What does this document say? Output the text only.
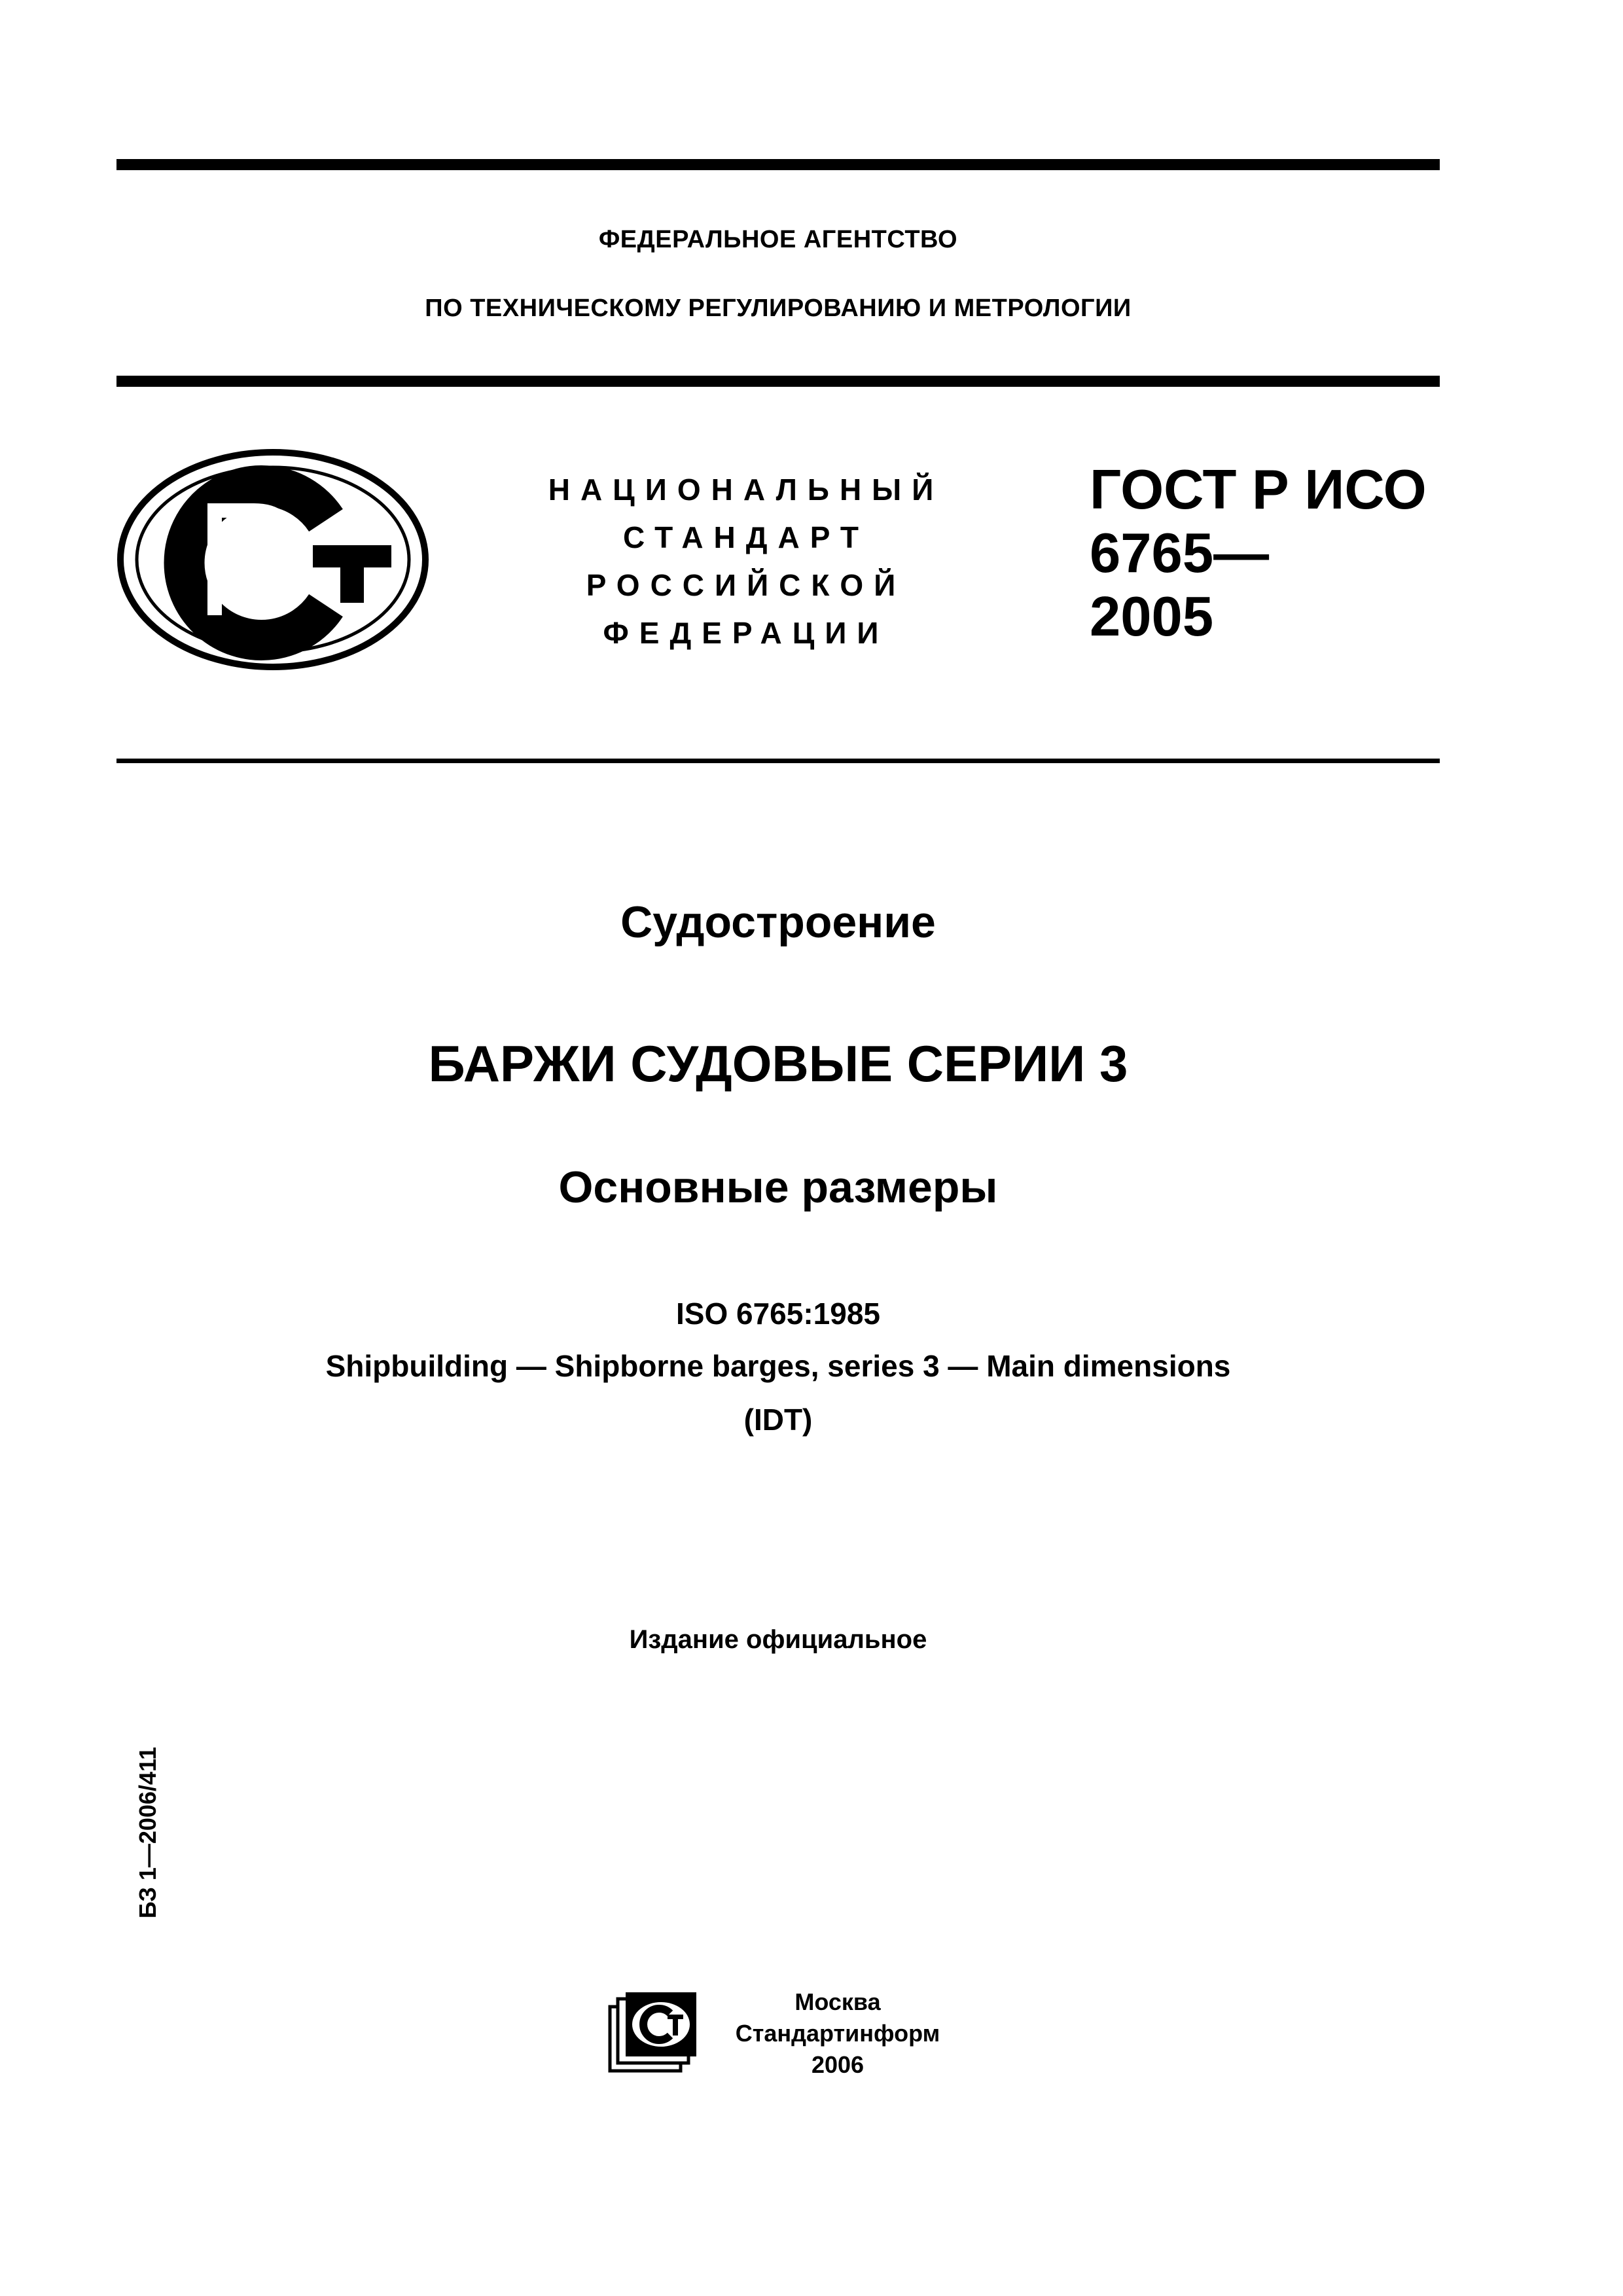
ФЕДЕРАЛЬНОЕ АГЕНТСТВО
ПО ТЕХНИЧЕСКОМУ РЕГУЛИРОВАНИЮ И МЕТРОЛОГИИ
НАЦИОНАЛЬНЫЙ
СТАНДАРТ
РОССИЙСКОЙ
ФЕДЕРАЦИИ
ГОСТ Р ИСО
6765—
2005
Судостроение
БАРЖИ СУДОВЫЕ СЕРИИ 3
Основные размеры
ISO 6765:1985
Shipbuilding — Shipborne barges, series 3 — Main dimensions
(IDT)
Издание официальное
БЗ 1—2006/411
Москва
Стандартинформ
2006
